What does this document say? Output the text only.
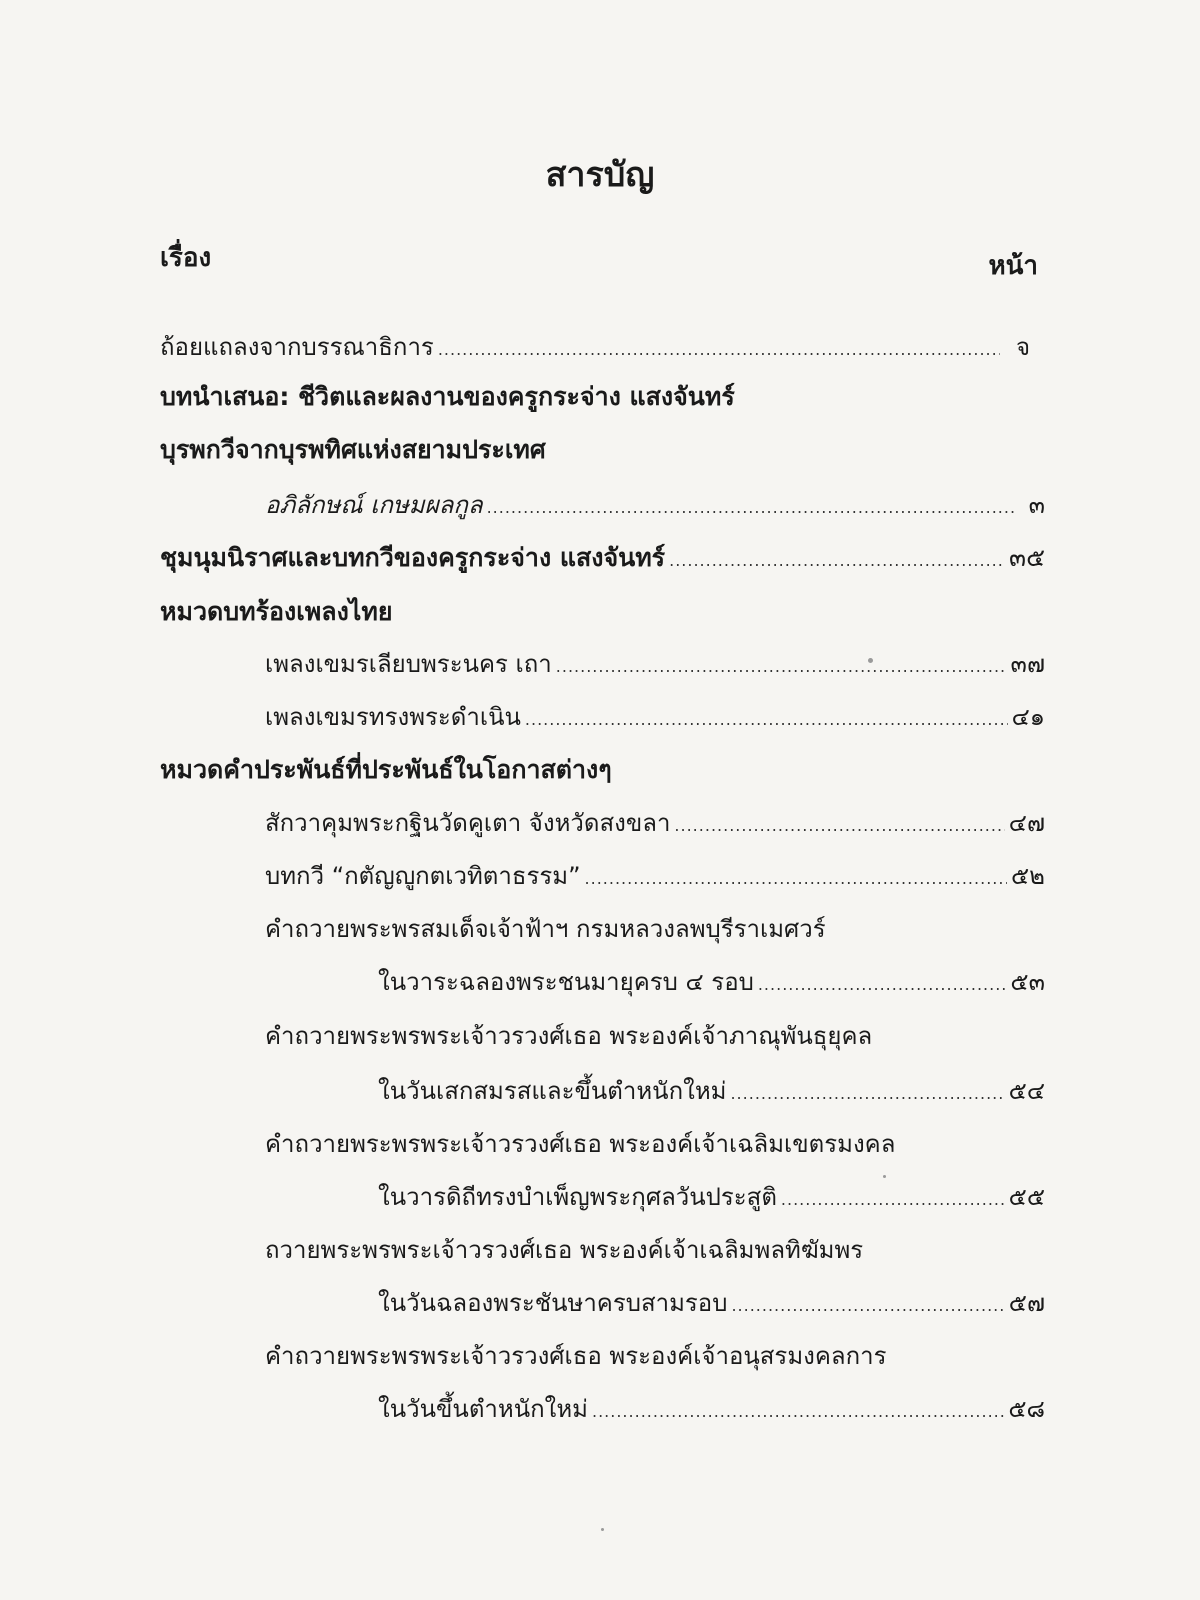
สารบัญ
เรื่อง	หน้า
ถ้อยแถลงจากบรรณาธิการ .....	จ
บทนำเสนอ: ชีวิตและผลงานของครูกระจ่าง แสงจันทร์
บุรพกวีจากบุรพทิศแห่งสยามประเทศ
อภิลักษณ์ เกษมผลกูล .....	๓
ชุมนุมนิราศและบทกวีของครูกระจ่าง แสงจันทร์ .....	๓๕
หมวดบทร้องเพลงไทย
เพลงเขมรเลียบพระนคร เถา .....	๓๗
เพลงเขมรทรงพระดำเนิน .....	๔๑
หมวดคำประพันธ์ที่ประพันธ์ในโอกาสต่างๆ
สักวาคุมพระกฐินวัดคูเตา จังหวัดสงขลา .....	๔๗
บทกวี “กตัญญูกตเวทิตาธรรม” .....	๕๒
คำถวายพระพรสมเด็จเจ้าฟ้าฯ กรมหลวงลพบุรีราเมศวร์
ในวาระฉลองพระชนมายุครบ ๔ รอบ .....	๕๓
คำถวายพระพรพระเจ้าวรวงศ์เธอ พระองค์เจ้าภาณุพันธุยุคล
ในวันเสกสมรสและขึ้นตำหนักใหม่ .....	๕๔
คำถวายพระพรพระเจ้าวรวงศ์เธอ พระองค์เจ้าเฉลิมเขตรมงคล
ในวารดิถีทรงบำเพ็ญพระกุศลวันประสูติ .....	๕๕
ถวายพระพรพระเจ้าวรวงศ์เธอ พระองค์เจ้าเฉลิมพลทิฆัมพร
ในวันฉลองพระชันษาครบสามรอบ .....	๕๗
คำถวายพระพรพระเจ้าวรวงศ์เธอ พระองค์เจ้าอนุสรมงคลการ
ในวันขึ้นตำหนักใหม่ .....	๕๘
